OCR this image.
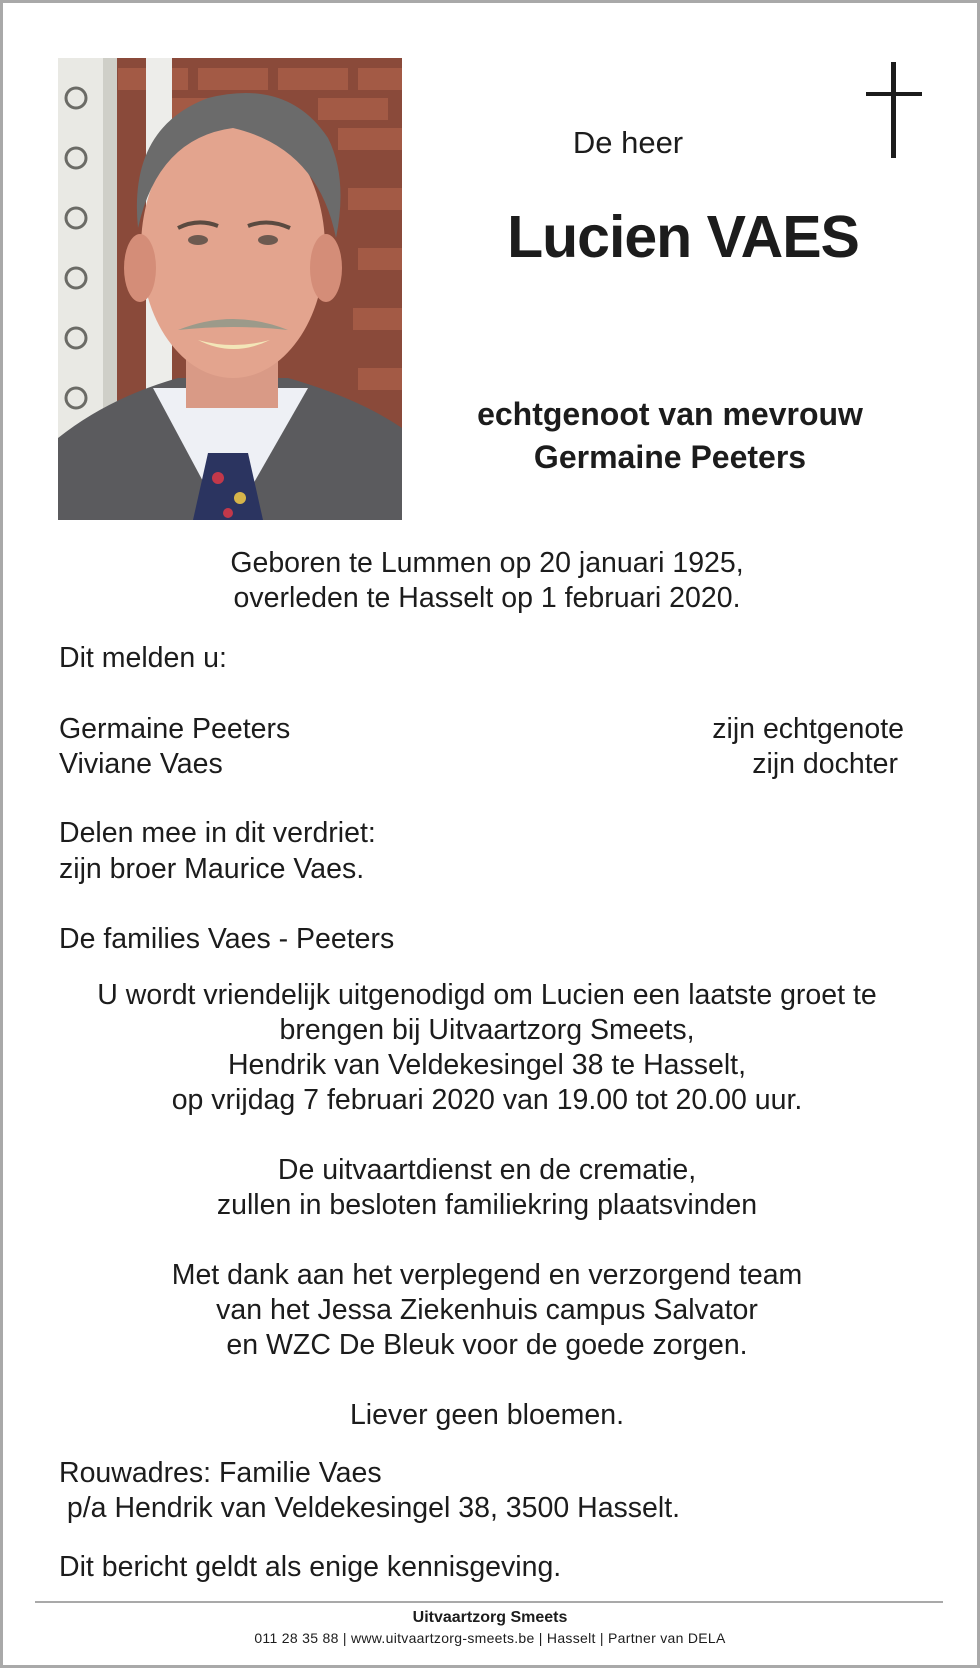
De heer
Lucien VAES
echtgenoot van mevrouw
Germaine Peeters
Geboren te Lummen op 20 januari 1925,
overleden te Hasselt op 1 februari 2020.
Dit melden u:
Germaine Peeters	zijn echtgenote
Viviane Vaes	zijn dochter
Delen mee in dit verdriet:
zijn broer Maurice Vaes.
De families Vaes - Peeters
U wordt vriendelijk uitgenodigd om Lucien een laatste groet te
brengen bij Uitvaartzorg Smeets,
Hendrik van Veldekesingel 38 te Hasselt,
op vrijdag 7 februari 2020 van 19.00 tot 20.00 uur.
De uitvaartdienst en de crematie,
zullen in besloten familiekring plaatsvinden
Met dank aan het verplegend en verzorgend team
van het Jessa Ziekenhuis campus Salvator
en WZC De Bleuk voor de goede zorgen.
Liever geen bloemen.
Rouwadres: Familie Vaes
p/a Hendrik van Veldekesingel 38, 3500 Hasselt.
Dit bericht geldt als enige kennisgeving.
Uitvaartzorg Smeets
011 28 35 88 | www.uitvaartzorg-smeets.be | Hasselt | Partner van DELA
